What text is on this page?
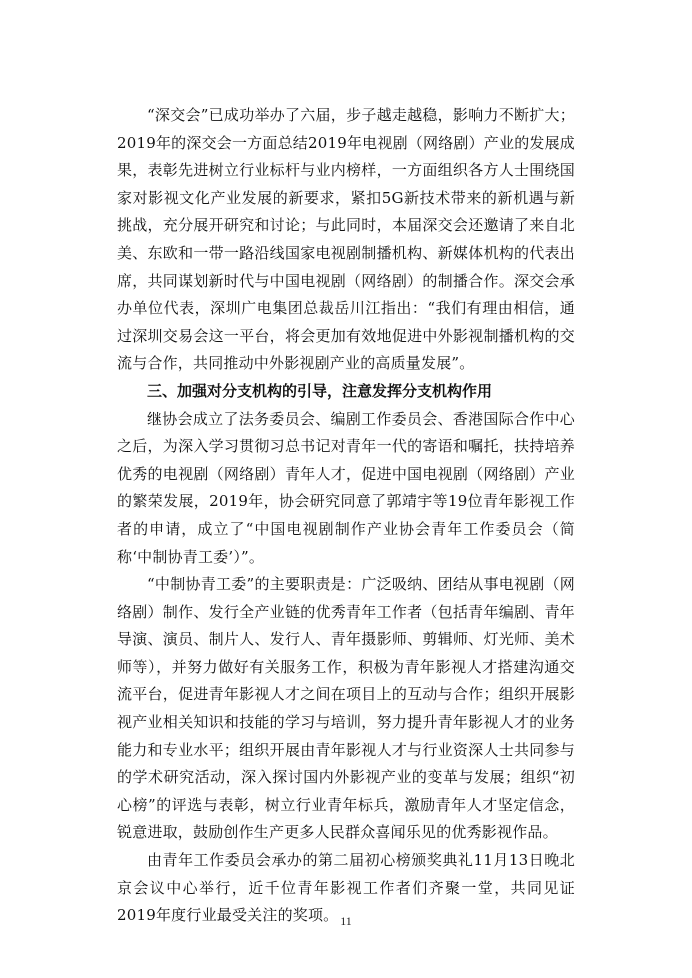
“深交会”已成功举办了六届，步子越走越稳，影响力不断扩大；2019年的深交会一方面总结2019年电视剧（网络剧）产业的发展成果，表彰先进树立行业标杆与业内榜样，一方面组织各方人士围绕国家对影视文化产业发展的新要求，紧扣5G新技术带来的新机遇与新挑战，充分展开研究和讨论；与此同时，本届深交会还邀请了来自北美、东欧和一带一路沿线国家电视剧制播机构、新媒体机构的代表出席，共同谋划新时代与中国电视剧（网络剧）的制播合作。深交会承办单位代表，深圳广电集团总裁岳川江指出：“我们有理由相信，通过深圳交易会这一平台，将会更加有效地促进中外影视制播机构的交流与合作，共同推动中外影视剧产业的高质量发展”。

三、加强对分支机构的引导，注意发挥分支机构作用

继协会成立了法务委员会、编剧工作委员会、香港国际合作中心之后，为深入学习贯彻习总书记对青年一代的寄语和嘱托，扶持培养优秀的电视剧（网络剧）青年人才，促进中国电视剧（网络剧）产业的繁荣发展，2019年，协会研究同意了郭靖宇等19位青年影视工作者的申请，成立了“中国电视剧制作产业协会青年工作委员会（简称‘中制协青工委’）”。

“中制协青工委”的主要职责是：广泛吸纳、团结从事电视剧（网络剧）制作、发行全产业链的优秀青年工作者（包括青年编剧、青年导演、演员、制片人、发行人、青年摄影师、剪辑师、灯光师、美术师等），并努力做好有关服务工作，积极为青年影视人才搭建沟通交流平台，促进青年影视人才之间在项目上的互动与合作；组织开展影视产业相关知识和技能的学习与培训，努力提升青年影视人才的业务能力和专业水平；组织开展由青年影视人才与行业资深人士共同参与的学术研究活动，深入探讨国内外影视产业的变革与发展；组织“初心榜”的评选与表彰，树立行业青年标兵，激励青年人才坚定信念，锐意进取，鼓励创作生产更多人民群众喜闻乐见的优秀影视作品。

由青年工作委员会承办的第二届初心榜颁奖典礼11月13日晚北京会议中心举行，近千位青年影视工作者们齐聚一堂，共同见证2019年度行业最受关注的奖项。 11
